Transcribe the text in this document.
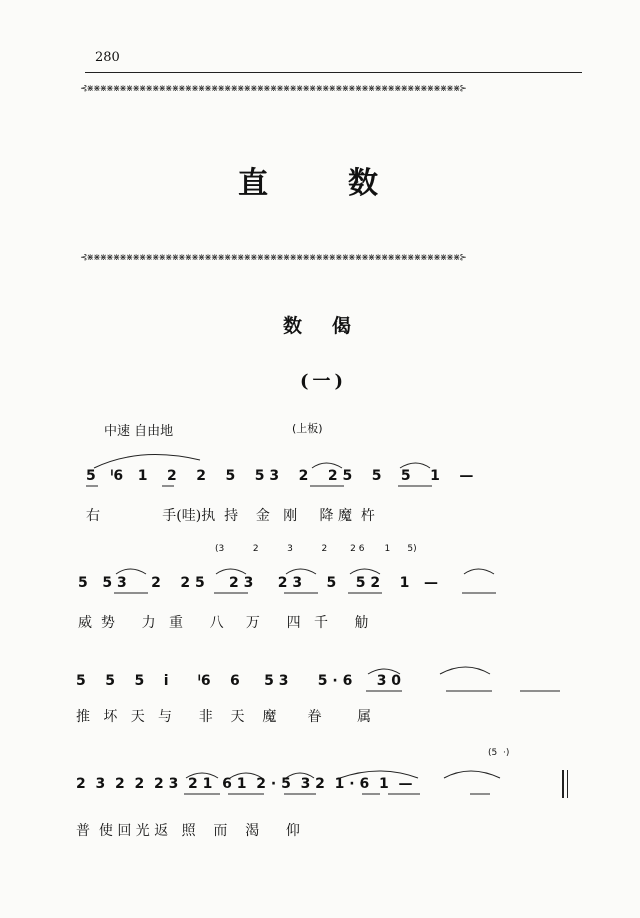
280
⊰⋇⋇⋇⋇⋇⋇⋇⋇⋇⋇⋇⋇⋇⋇⋇⋇⋇⋇⋇⋇⋇⋇⋇⋇⋇⋇⋇⋇⋇⋇⋇⋇⋇⋇⋇⋇⋇⋇⋇⋇⋇⋇⋇⋇⋇⋇⋇⋇⋇⋇⋇⋇⋇⋇⋇⋇⋇⊱
直数
⊰⋇⋇⋇⋇⋇⋇⋇⋇⋇⋇⋇⋇⋇⋇⋇⋇⋇⋇⋇⋇⋇⋇⋇⋇⋇⋇⋇⋇⋇⋇⋇⋇⋇⋇⋇⋇⋇⋇⋇⋇⋇⋇⋇⋇⋇⋇⋇⋇⋇⋇⋇⋇⋇⋇⋇⋇⋇⊱
数偈
(一)
中速 自由地	(上板)
5   ˡ6   1    2    2    5    5 3    2    2 5    5    5    1    —
右              手(哇)执  持    金   刚     降 魔  杵
(3          2          3          2        2 6       1      5)
5   5 3     2    2 5     2 3     2 3     5    5 2    1   —
威  势      力   重      八     万      四   千      觔
5    5    5    i      ˡ6    6     5 3      5 · 6     3 0
推   坏   天   与      非    天    魔       眷        属
(5  ·)
2  3  2  2  2 3  2 1  6 1  2 · 5  3 2  1 · 6  1  —
普  使 回 光 返   照    而    渴      仰
